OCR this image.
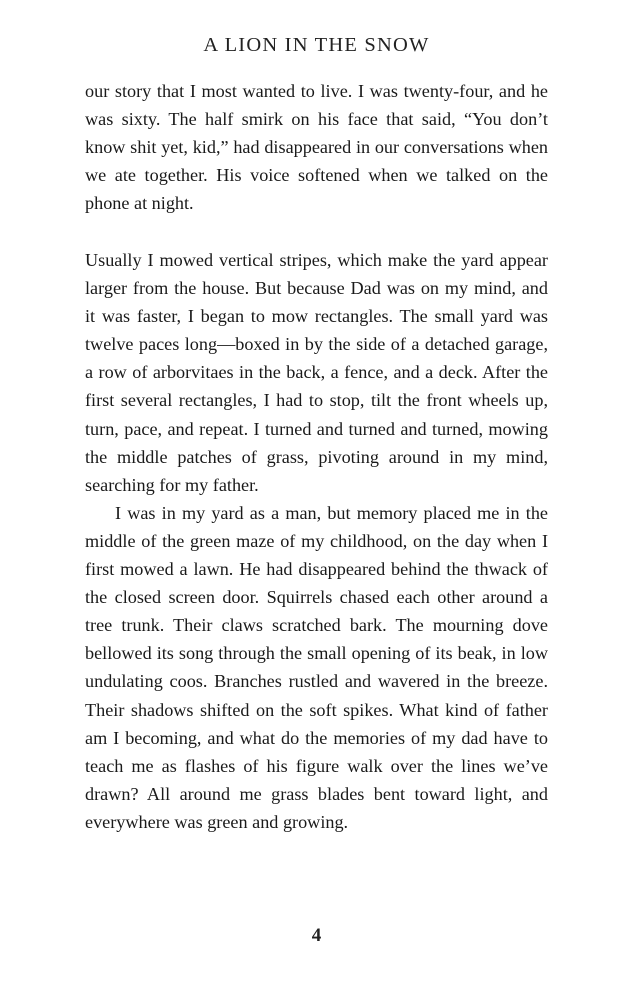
A LION IN THE SNOW

our story that I most wanted to live. I was twenty-four, and he was sixty. The half smirk on his face that said, “You don’t know shit yet, kid,” had disappeared in our conversations when we ate together. His voice softened when we talked on the phone at night.

Usually I mowed vertical stripes, which make the yard appear larger from the house. But because Dad was on my mind, and it was faster, I began to mow rectangles. The small yard was twelve paces long—boxed in by the side of a detached garage, a row of arborvitaes in the back, a fence, and a deck. After the first several rectangles, I had to stop, tilt the front wheels up, turn, pace, and repeat. I turned and turned and turned, mowing the middle patches of grass, pivoting around in my mind, searching for my father.

I was in my yard as a man, but memory placed me in the middle of the green maze of my childhood, on the day when I first mowed a lawn. He had disappeared behind the thwack of the closed screen door. Squirrels chased each other around a tree trunk. Their claws scratched bark. The mourning dove bellowed its song through the small opening of its beak, in low undulating coos. Branches rustled and wavered in the breeze. Their shadows shifted on the soft spikes. What kind of father am I becoming, and what do the memories of my dad have to teach me as flashes of his figure walk over the lines we’ve drawn? All around me grass blades bent toward light, and everywhere was green and growing.

4
